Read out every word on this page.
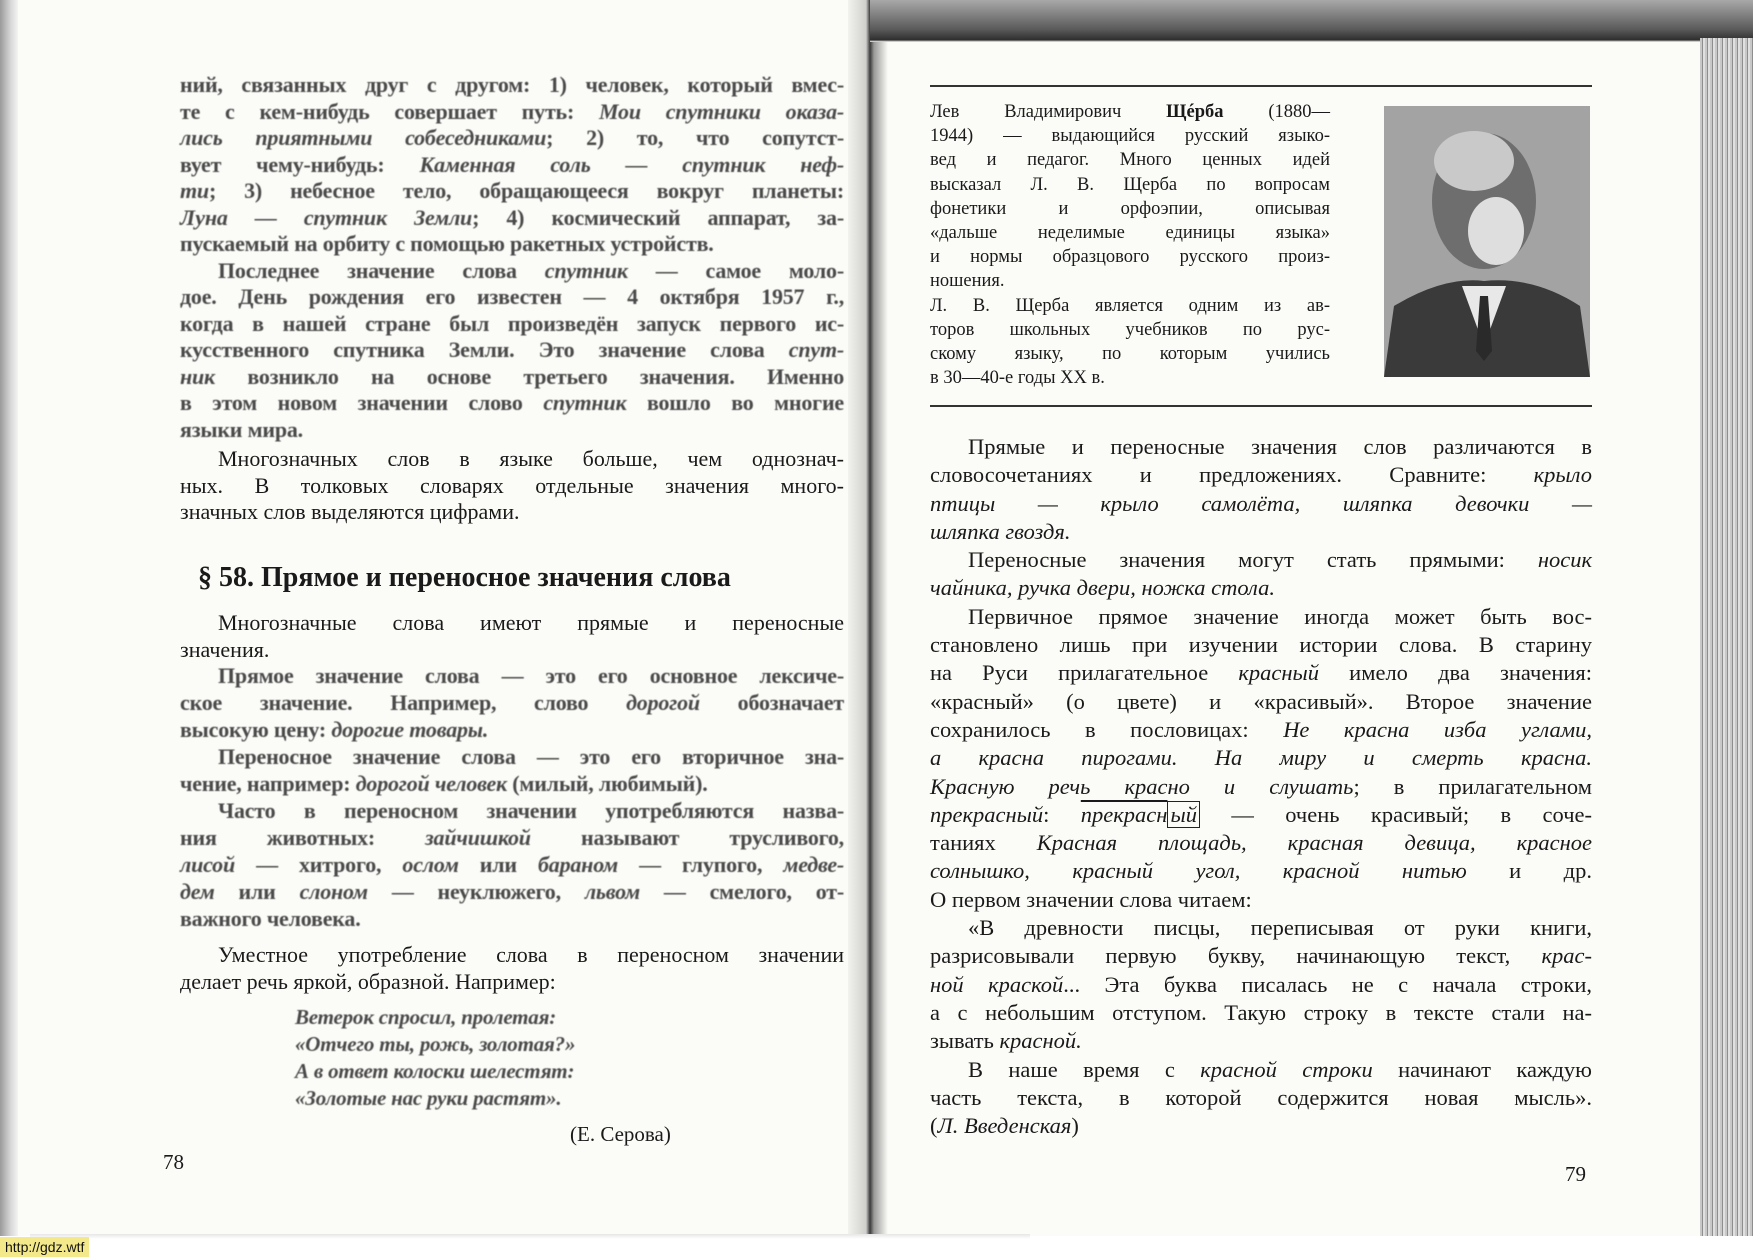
ний, связанных друг с другом: 1) человек, который вмес-
те с кем-нибудь совершает путь: Мои спутники оказа-
лись приятными собеседниками; 2) то, что сопутст-
вует чему-нибудь: Каменная соль — спутник неф-
ти; 3) небесное тело, обращающееся вокруг планеты:
Луна — спутник Земли; 4) космический аппарат, за-
пускаемый на орбиту с помощью ракетных устройств.
Последнее значение слова спутник — самое моло-
дое. День рождения его известен — 4 октября 1957 г.,
когда в нашей стране был произведён запуск первого ис-
кусственного спутника Земли. Это значение слова спут-
ник возникло на основе третьего значения. Именно
в этом новом значении слово спутник вошло во многие
языки мира.
Многозначных слов в языке больше, чем однознач-
ных. В толковых словарях отдельные значения много-
значных слов выделяются цифрами.
§ 58. Прямое и переносное значения слова
Многозначные слова имеют прямые и переносные
значения.
Прямое значение слова — это его основное лексиче-
ское значение. Например, слово дорогой обозначает
высокую цену: дорогие товары.
Переносное значение слова — это его вторичное зна-
чение, например: дорогой человек (милый, любимый).
Часто в переносном значении употребляются назва-
ния животных: зайчишкой называют трусливого,
лисой — хитрого, ослом или бараном — глупого, медве-
дем или слоном — неуклюжего, львом — смелого, от-
важного человека.
Уместное употребление слова в переносном значении
делает речь яркой, образной. Например:
Ветерок спросил, пролетая:
«Отчего ты, рожь, золотая?»
А в ответ колоски шелестят:
«Золотые нас руки растят».
(Е. Серова)
78
Лев Владимирович Щéрба (1880—
1944) — выдающийся русский языко-
вед и педагог. Много ценных идей
высказал Л. В. Щерба по вопросам
фонетики и орфоэпии, описывая
«дальше неделимые единицы языка»
и нормы образцового русского произ-
ношения.
Л. В. Щерба является одним из ав-
торов школьных учебников по рус-
скому языку, по которым учились
в 30—40-е годы XX в.
Прямые и переносные значения слов различаются в
словосочетаниях и предложениях. Сравните: крыло
птицы — крыло самолёта, шляпка девочки —
шляпка гвоздя.
Переносные значения могут стать прямыми: носик
чайника, ручка двери, ножка стола.
Первичное прямое значение иногда может быть вос-
становлено лишь при изучении истории слова. В старину
на Руси прилагательное красный имело два значения:
«красный» (о цвете) и «красивый». Второе значение
сохранилось в пословицах: Не красна изба углами,
а красна пирогами. На миру и смерть красна.
Красную речь красно и слушать; в прилагательном
прекрасный: прекрасн ый — очень красивый; в соче-
таниях Красная площадь, красная девица, красное
солнышко, красный угол, красной нитью и др.
О первом значении слова читаем:
«В древности писцы, переписывая от руки книги,
разрисовывали первую букву, начинающую текст, крас-
ной краской... Эта буква писалась не с начала строки,
а с небольшим отступом. Такую строку в тексте стали на-
зывать красной.
В наше время с красной строки начинают каждую
часть текста, в которой содержится новая мысль».
(Л. Введенская)
79
http://gdz.wtf
